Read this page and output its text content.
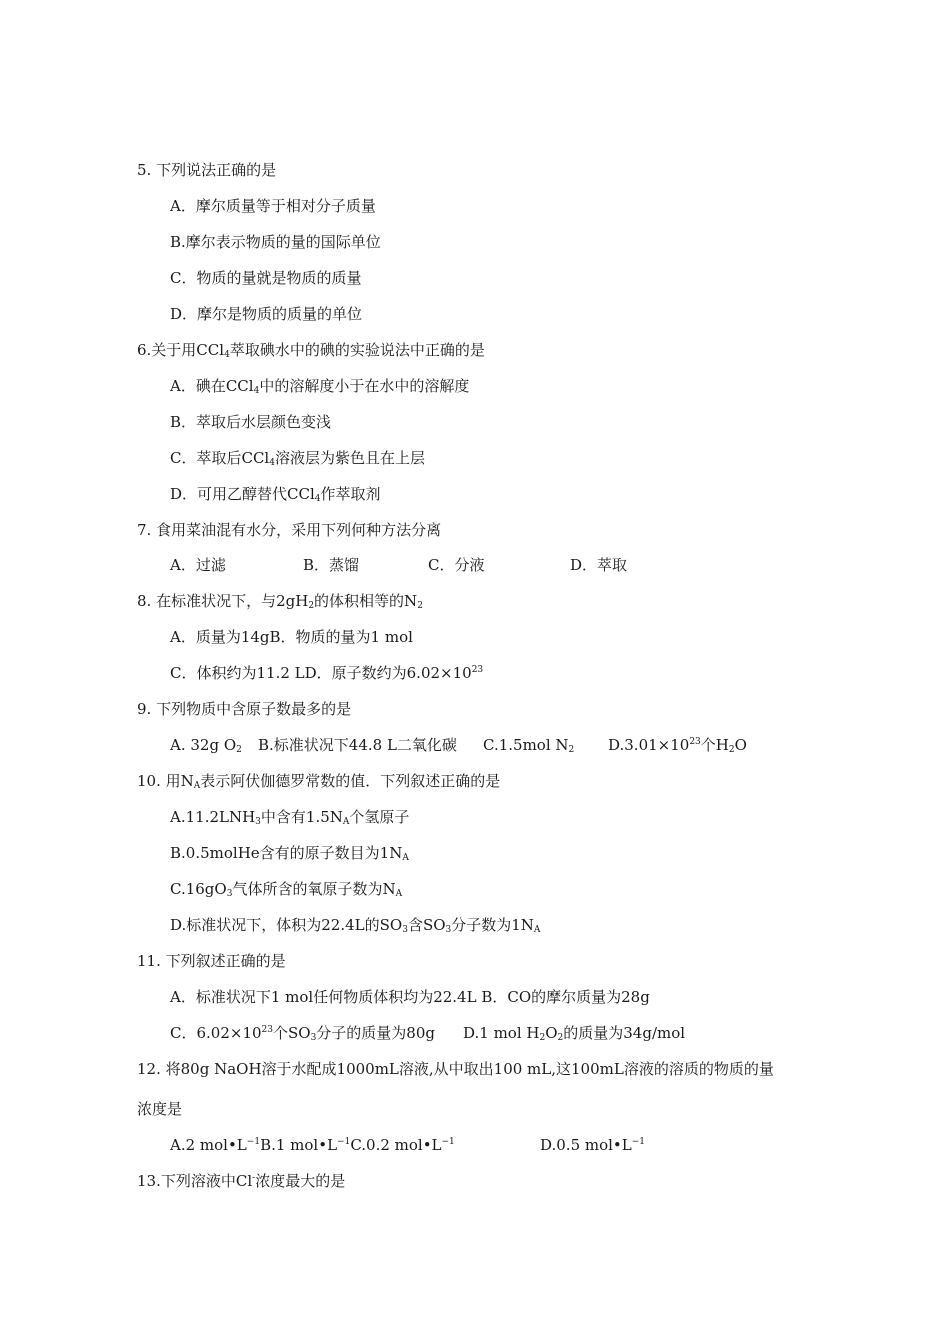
5. 下列说法正确的是
A．摩尔质量等于相对分子质量
B.摩尔表示物质的量的国际单位
C．物质的量就是物质的质量
D．摩尔是物质的质量的单位
6.关于用CCl$_4$萃取碘水中的碘的实验说法中正确的是
A．碘在CCl$_4$中的溶解度小于在水中的溶解度
B．萃取后水层颜色变浅
C．萃取后CCl$_4$溶液层为紫色且在上层
D．可用乙醇替代CCl$_4$作萃取剂
7. 食用菜油混有水分，采用下列何种方法分离
A．过滤	B．蒸馏	C．分液	D．萃取
8. 在标准状况下，与$2gH_2$的体积相等的$N_2$
A．质量为14gB．物质的量为1 mol
C．体积约为11.2 LD．原子数约为$6.02\times 10^{23}$
9. 下列物质中含原子数最多的是
A. 32g $O_2$ B.标准状况下44.8 L二氧化碳 C.1.5mol $N_2$ $D.3.01\times 10^{23}$个$H_2O$
10. 用$N_A$表示阿伏伽德罗常数的值．下列叙述正确的是
$A.11.2LNH_3$中含有$1.5N_A$个氢原子
B.0.5molHe含有的原子数目为$1N_A$
$C.16gO_3$气体所含的氧原子数为$N_A$
D.标准状况下，体积为22.4L的$SO_3$含$SO_3$分子数为$1N_A$
11. 下列叙述正确的是
A．标准状况下1 mol任何物质体积均为22.4L B．CO的摩尔质量为28g
C．$6.02\times 10^{23}$个$SO_3$分子的质量为80g D.1 mol $H_2O_2$的质量为34g/mol
12. 将80g NaOH溶于水配成1000mL溶液,从中取出100 mL,这100mL溶液的溶质的物质的量
浓度是
A.2 $mol•L^{-1}B.1$ $mol•L^{-1}C.0.2$ $mol•L^{-1}$	D.0.5 $mol•L^{-1}$
13.下列溶液中Cl-浓度最大的是
